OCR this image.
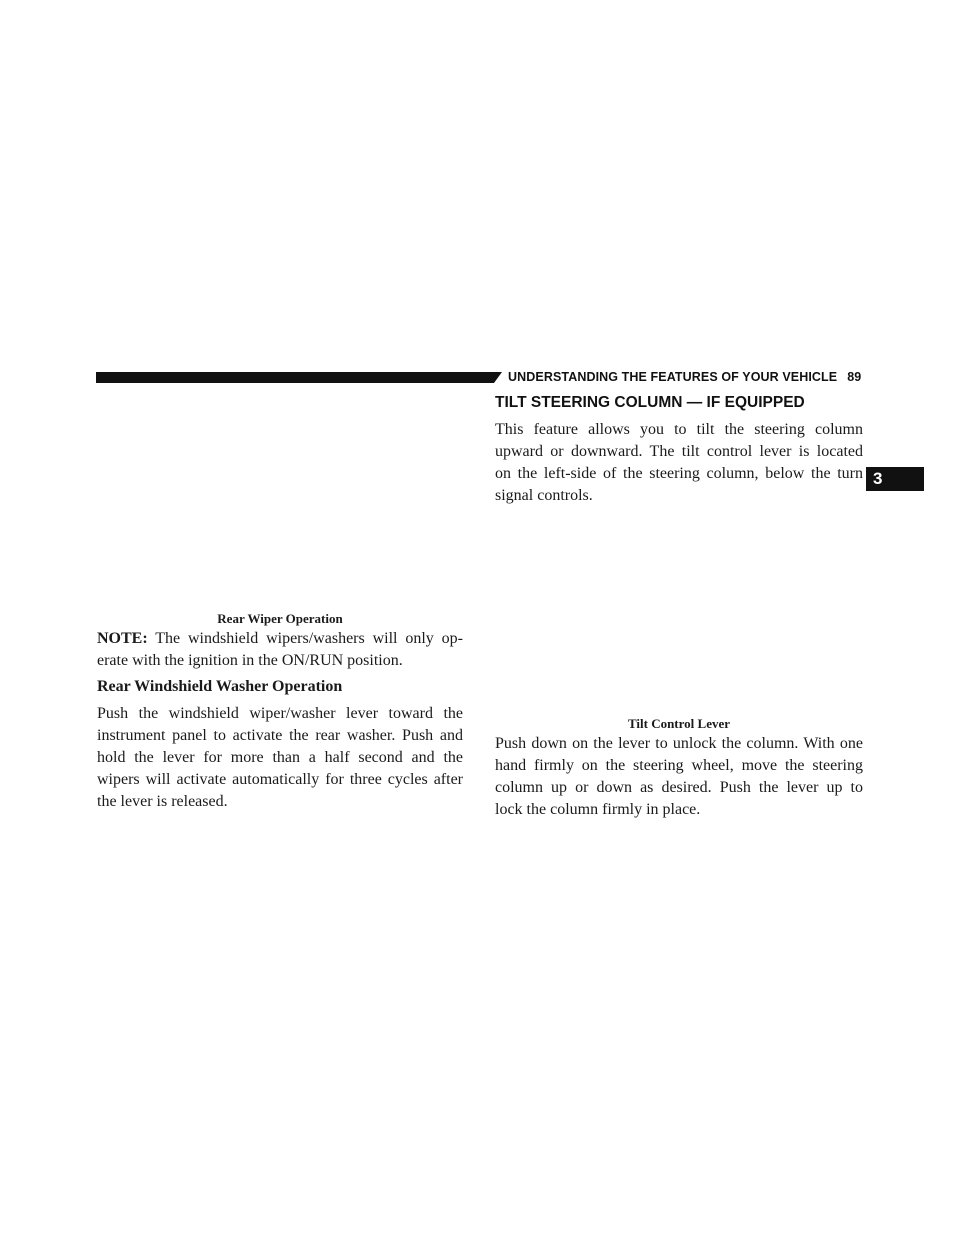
UNDERSTANDING THE FEATURES OF YOUR VEHICLE 89
3
Rear Wiper Operation
NOTE: The windshield wipers/washers will only op-
erate with the ignition in the ON/RUN position.
Rear Windshield Washer Operation
Push the windshield wiper/washer lever toward the
instrument panel to activate the rear washer. Push and
hold the lever for more than a half second and the
wipers will activate automatically for three cycles after
the lever is released.
TILT STEERING COLUMN — IF EQUIPPED
This feature allows you to tilt the steering column
upward or downward. The tilt control lever is located
on the left-side of the steering column, below the turn
signal controls.
Tilt Control Lever
Push down on the lever to unlock the column. With one
hand firmly on the steering wheel, move the steering
column up or down as desired. Push the lever up to
lock the column firmly in place.
